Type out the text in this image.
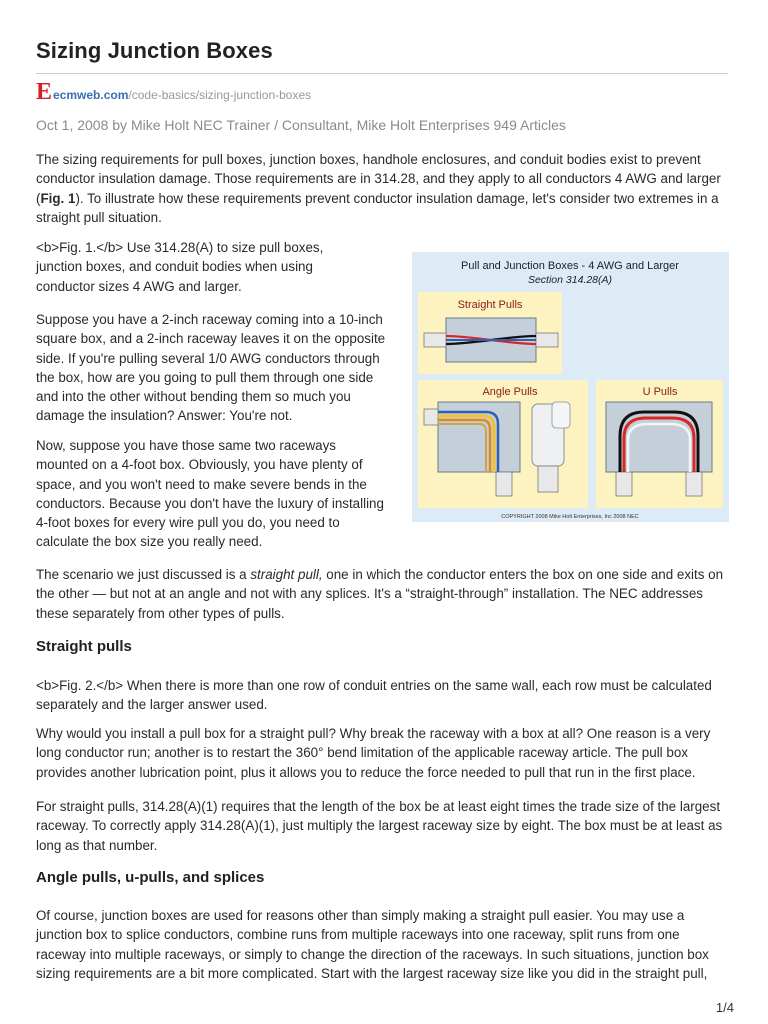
Sizing Junction Boxes
E ecmweb.com /code-basics/sizing-junction-boxes
Oct 1, 2008 by Mike Holt NEC Trainer / Consultant, Mike Holt Enterprises 949 Articles

The sizing requirements for pull boxes, junction boxes, handhole enclosures, and conduit bodies exist to prevent conductor insulation damage. Those requirements are in 314.28, and they apply to all conductors 4 AWG and larger (Fig. 1). To illustrate how these requirements prevent conductor insulation damage, let's consider two extremes in a straight pull situation.

<b>Fig. 1.</b> Use 314.28(A) to size pull boxes, junction boxes, and conduit bodies when using conductor sizes 4 AWG and larger.

Suppose you have a 2-inch raceway coming into a 10-inch square box, and a 2-inch raceway leaves it on the opposite side. If you're pulling several 1/0 AWG conductors through the box, how are you going to pull them through one side and into the other without bending them so much you damage the insulation? Answer: You're not.

Now, suppose you have those same two raceways mounted on a 4-foot box. Obviously, you have plenty of space, and you won't need to make severe bends in the conductors. Because you don't have the luxury of installing 4-foot boxes for every wire pull you do, you need to calculate the box size you really need.

Pull and Junction Boxes - 4 AWG and Larger
Section 314.28(A)
Straight Pulls
Angle Pulls	U Pulls
COPYRIGHT 2008 Mike Holt Enterprises, Inc 2008 NEC

The scenario we just discussed is a straight pull, one in which the conductor enters the box on one side and exits on the other — but not at an angle and not with any splices. It's a “straight-through” installation. The NEC addresses these separately from other types of pulls.

Straight pulls

<b>Fig. 2.</b> When there is more than one row of conduit entries on the same wall, each row must be calculated separately and the larger answer used.

Why would you install a pull box for a straight pull? Why break the raceway with a box at all? One reason is a very long conductor run; another is to restart the 360° bend limitation of the applicable raceway article. The pull box provides another lubrication point, plus it allows you to reduce the force needed to pull that run in the first place.

For straight pulls, 314.28(A)(1) requires that the length of the box be at least eight times the trade size of the largest raceway. To correctly apply 314.28(A)(1), just multiply the largest raceway size by eight. The box must be at least as long as that number.

Angle pulls, u-pulls, and splices

Of course, junction boxes are used for reasons other than simply making a straight pull easier. You may use a junction box to splice conductors, combine runs from multiple raceways into one raceway, split runs from one raceway into multiple raceways, or simply to change the direction of the raceways. In such situations, junction box sizing requirements are a bit more complicated. Start with the largest raceway size like you did in the straight pull,

1/4
